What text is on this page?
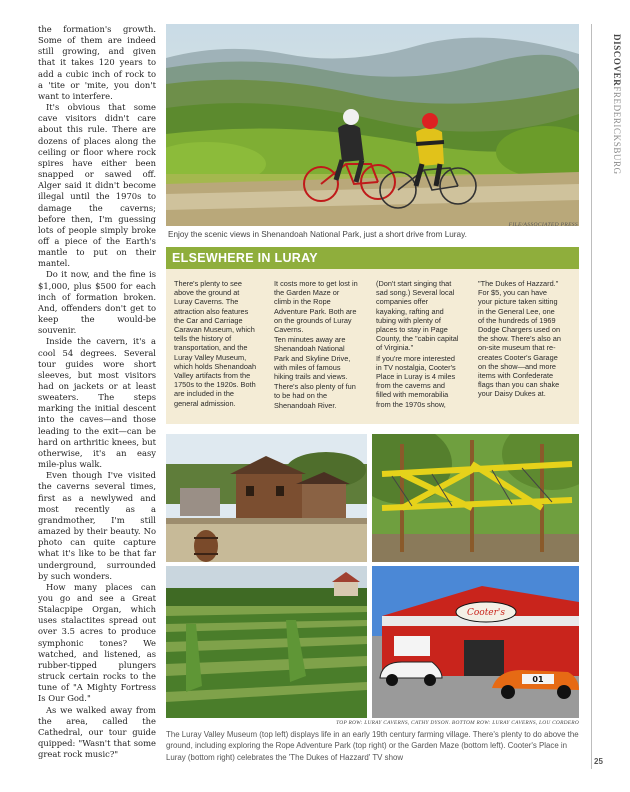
the formation's growth. Some of them are indeed still growing, and given that it takes 120 years to add a cubic inch of rock to a 'tite or 'mite, you don't want to interfere.

It's obvious that some cave visitors didn't care about this rule. There are dozens of places along the ceiling or floor where rock spires have either been snapped or sawed off. Alger said it didn't become illegal until the 1970s to damage the caverns; before then, I'm guessing lots of people simply broke off a piece of the Earth's mantle to put on their mantel.

Do it now, and the fine is $1,000, plus $500 for each inch of formation broken. And, offenders don't get to keep the would-be souvenir.

Inside the cavern, it's a cool 54 degrees. Several tour guides wore short sleeves, but most visitors had on jackets or at least sweaters. The steps marking the initial descent into the caves—and those leading to the exit—can be hard on arthritic knees, but otherwise, it's an easy mile-plus walk.

Even though I've visited the caverns several times, first as a newlywed and most recently as a grandmother, I'm still amazed by their beauty. No photo can quite capture what it's like to be that far underground, surrounded by such wonders.

How many places can you go and see a Great Stalacpipe Organ, which uses stalactites spread out over 3.5 acres to produce symphonic tones? We watched, and listened, as rubber-tipped plungers struck certain rocks to the tune of "A Mighty Fortress Is Our God."

As we walked away from the area, called the Cathedral, our tour guide quipped: "Wasn't that some great rock music?"

DISCOVERFREDERICKSBURG
FILE/ASSOCIATED PRESS
Enjoy the scenic views in Shenandoah National Park, just a short drive from Luray.
ELSEWHERE IN LURAY

There's plenty to see above the ground at Luray Caverns. The attraction also features the Car and Carriage Caravan Museum, which tells the history of transportation, and the Luray Valley Museum, which holds Shenandoah Valley artifacts from the 1750s to the 1920s. Both are included in the general admission.

It costs more to get lost in the Garden Maze or climb in the Rope Adventure Park. Both are on the grounds of Luray Caverns.

Ten minutes away are Shenandoah National Park and Skyline Drive, with miles of famous hiking trails and views.

There's also plenty of fun to be had on the Shenandoah River.

(Don't start singing that sad song.) Several local companies offer kayaking, rafting and tubing with plenty of places to stay in Page County, the "cabin capital of Virginia."

If you're more interested in TV nostalgia, Cooter's Place in Luray is 4 miles from the caverns and filled with memorabilia from the 1970s show,

"The Dukes of Hazzard." For $5, you can have your picture taken sitting in the General Lee, one of the hundreds of 1969 Dodge Chargers used on the show. There's also an on-site museum that re-creates Cooter's Garage on the show—and more items with Confederate flags than you can shake your Daisy Dukes at.

Cooter's
01
TOP ROW: LURAY CAVERNS, CATHY DYSON. BOTTOM ROW: LURAY CAVERNS, LOU CORDERO
The Luray Valley Museum (top left) displays life in an early 19th century farming village. There's plenty to do above the ground, including exploring the Rope Adventure Park (top right) or the Garden Maze (bottom left). Cooter's Place in Luray (bottom right) celebrates the 'The Dukes of Hazzard' TV show	25
